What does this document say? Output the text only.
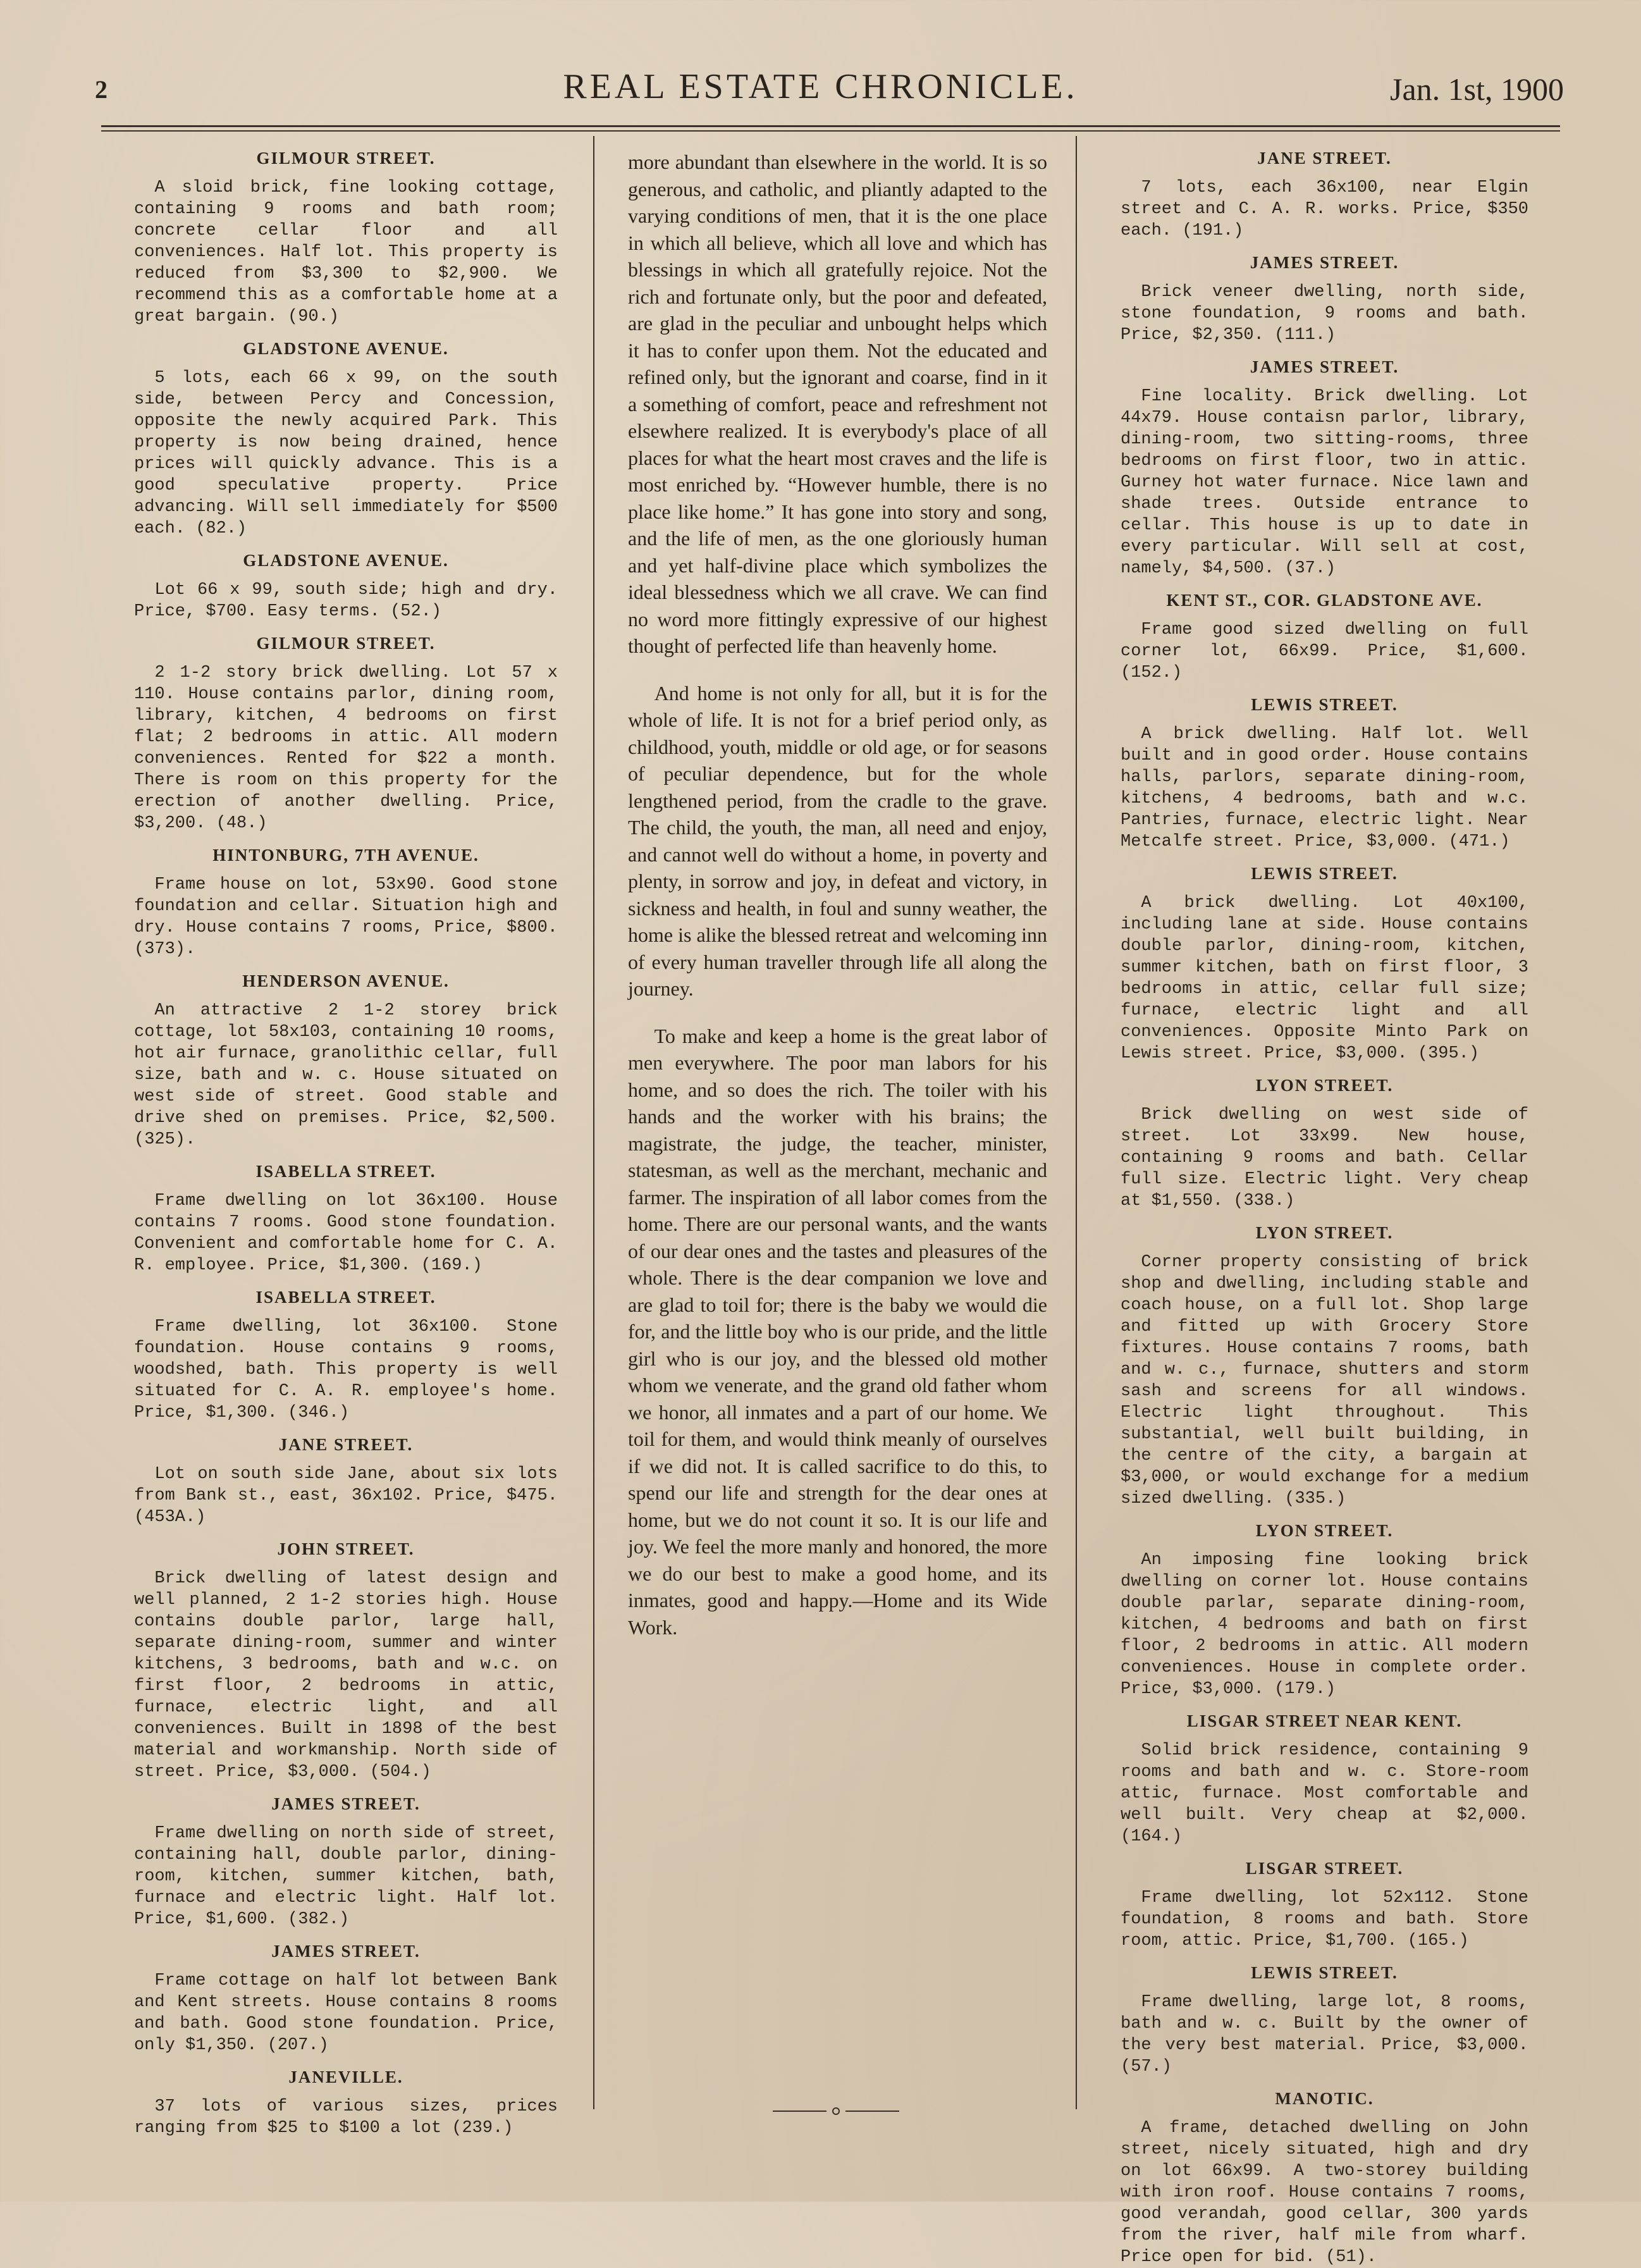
2	REAL ESTATE CHRONICLE.	Jan. 1st, 1900
GILMOUR STREET.

A sloid brick, fine looking cottage, containing 9 rooms and bath room; concrete cellar floor and all conveniences. Half lot. This property is reduced from $3,300 to $2,900. We recommend this as a comfortable home at a great bargain. (90.)

GLADSTONE AVENUE.

5 lots, each 66 x 99, on the south side, between Percy and Concession, opposite the newly acquired Park. This property is now being drained, hence prices will quickly advance. This is a good speculative property. Price advancing. Will sell immediately for $500 each. (82.)

GLADSTONE AVENUE.

Lot 66 x 99, south side; high and dry. Price, $700. Easy terms. (52.)

GILMOUR STREET.

2 1-2 story brick dwelling. Lot 57 x 110. House contains parlor, dining room, library, kitchen, 4 bedrooms on first flat; 2 bedrooms in attic. All modern conveniences. Rented for $22 a month. There is room on this property for the erection of another dwelling. Price, $3,200. (48.)

HINTONBURG, 7TH AVENUE.

Frame house on lot, 53x90. Good stone foundation and cellar. Situation high and dry. House contains 7 rooms, Price, $800. (373).

HENDERSON AVENUE.

An attractive 2 1-2 storey brick cottage, lot 58x103, containing 10 rooms, hot air furnace, granolithic cellar, full size, bath and w. c. House situated on west side of street. Good stable and drive shed on premises. Price, $2,500. (325).

ISABELLA STREET.

Frame dwelling on lot 36x100. House contains 7 rooms. Good stone foundation. Convenient and comfortable home for C. A. R. employee. Price, $1,300. (169.)

ISABELLA STREET.

Frame dwelling, lot 36x100. Stone foundation. House contains 9 rooms, woodshed, bath. This property is well situated for C. A. R. employee's home. Price, $1,300. (346.)

JANE STREET.

Lot on south side Jane, about six lots from Bank st., east, 36x102. Price, $475. (453A.)

JOHN STREET.

Brick dwelling of latest design and well planned, 2 1-2 stories high. House contains double parlor, large hall, separate dining-room, summer and winter kitchens, 3 bedrooms, bath and w.c. on first floor, 2 bedrooms in attic, furnace, electric light, and all conveniences. Built in 1898 of the best material and workmanship. North side of street. Price, $3,000. (504.)

JAMES STREET.

Frame dwelling on north side of street, containing hall, double parlor, dining-room, kitchen, summer kitchen, bath, furnace and electric light. Half lot. Price, $1,600. (382.)

JAMES STREET.

Frame cottage on half lot between Bank and Kent streets. House contains 8 rooms and bath. Good stone foundation. Price, only $1,350. (207.)

JANEVILLE.

37 lots of various sizes, prices ranging from $25 to $100 a lot (239.)

more abundant than elsewhere in the world. It is so generous, and catholic, and pliantly adapted to the varying conditions of men, that it is the one place in which all believe, which all love and which has blessings in which all gratefully rejoice. Not the rich and fortunate only, but the poor and defeated, are glad in the peculiar and unbought helps which it has to confer upon them. Not the educated and refined only, but the ignorant and coarse, find in it a something of comfort, peace and refreshment not elsewhere realized. It is everybody's place of all places for what the heart most craves and the life is most enriched by. “However humble, there is no place like home.” It has gone into story and song, and the life of men, as the one gloriously human and yet half-divine place which symbolizes the ideal blessedness which we all crave. We can find no word more fittingly expressive of our highest thought of perfected life than heavenly home.

And home is not only for all, but it is for the whole of life. It is not for a brief period only, as childhood, youth, middle or old age, or for seasons of peculiar dependence, but for the whole lengthened period, from the cradle to the grave. The child, the youth, the man, all need and enjoy, and cannot well do without a home, in poverty and plenty, in sorrow and joy, in defeat and victory, in sickness and health, in foul and sunny weather, the home is alike the blessed retreat and welcoming inn of every human traveller through life all along the journey.

To make and keep a home is the great labor of men everywhere. The poor man labors for his home, and so does the rich. The toiler with his hands and the worker with his brains; the magistrate, the judge, the teacher, minister, statesman, as well as the merchant, mechanic and farmer. The inspiration of all labor comes from the home. There are our personal wants, and the wants of our dear ones and the tastes and pleasures of the whole. There is the dear companion we love and are glad to toil for; there is the baby we would die for, and the little boy who is our pride, and the little girl who is our joy, and the blessed old mother whom we venerate, and the grand old father whom we honor, all inmates and a part of our home. We toil for them, and would think meanly of ourselves if we did not. It is called sacrifice to do this, to spend our life and strength for the dear ones at home, but we do not count it so. It is our life and joy. We feel the more manly and honored, the more we do our best to make a good home, and its inmates, good and happy.—Home and its Wide Work.

JANE STREET.

7 lots, each 36x100, near Elgin street and C. A. R. works. Price, $350 each. (191.)

JAMES STREET.

Brick veneer dwelling, north side, stone foundation, 9 rooms and bath. Price, $2,350. (111.)

JAMES STREET.

Fine locality. Brick dwelling. Lot 44x79. House contaisn parlor, library, dining-room, two sitting-rooms, three bedrooms on first floor, two in attic. Gurney hot water furnace. Nice lawn and shade trees. Outside entrance to cellar. This house is up to date in every particular. Will sell at cost, namely, $4,500. (37.)

KENT ST., COR. GLADSTONE AVE.

Frame good sized dwelling on full corner lot, 66x99. Price, $1,600. (152.)

LEWIS STREET.

A brick dwelling. Half lot. Well built and in good order. House contains halls, parlors, separate dining-room, kitchens, 4 bedrooms, bath and w.c. Pantries, furnace, electric light. Near Metcalfe street. Price, $3,000. (471.)

LEWIS STREET.

A brick dwelling. Lot 40x100, including lane at side. House contains double parlor, dining-room, kitchen, summer kitchen, bath on first floor, 3 bedrooms in attic, cellar full size; furnace, electric light and all conveniences. Opposite Minto Park on Lewis street. Price, $3,000. (395.)

LYON STREET.

Brick dwelling on west side of street. Lot 33x99. New house, containing 9 rooms and bath. Cellar full size. Electric light. Very cheap at $1,550. (338.)

LYON STREET.

Corner property consisting of brick shop and dwelling, including stable and coach house, on a full lot. Shop large and fitted up with Grocery Store fixtures. House contains 7 rooms, bath and w. c., furnace, shutters and storm sash and screens for all windows. Electric light throughout. This substantial, well built building, in the centre of the city, a bargain at $3,000, or would exchange for a medium sized dwelling. (335.)

LYON STREET.

An imposing fine looking brick dwelling on corner lot. House contains double parlar, separate dining-room, kitchen, 4 bedrooms and bath on first floor, 2 bedrooms in attic. All modern conveniences. House in complete order. Price, $3,000. (179.)

LISGAR STREET NEAR KENT.

Solid brick residence, containing 9 rooms and bath and w. c. Store-room attic, furnace. Most comfortable and well built. Very cheap at $2,000. (164.)

LISGAR STREET.

Frame dwelling, lot 52x112. Stone foundation, 8 rooms and bath. Store room, attic. Price, $1,700. (165.)

LEWIS STREET.

Frame dwelling, large lot, 8 rooms, bath and w. c. Built by the owner of the very best material. Price, $3,000. (57.)

MANOTIC.

A frame, detached dwelling on John street, nicely situated, high and dry on lot 66x99. A two-storey building with iron roof. House contains 7 rooms, good verandah, good cellar, 300 yards from the river, half mile from wharf. Price open for bid. (51).
